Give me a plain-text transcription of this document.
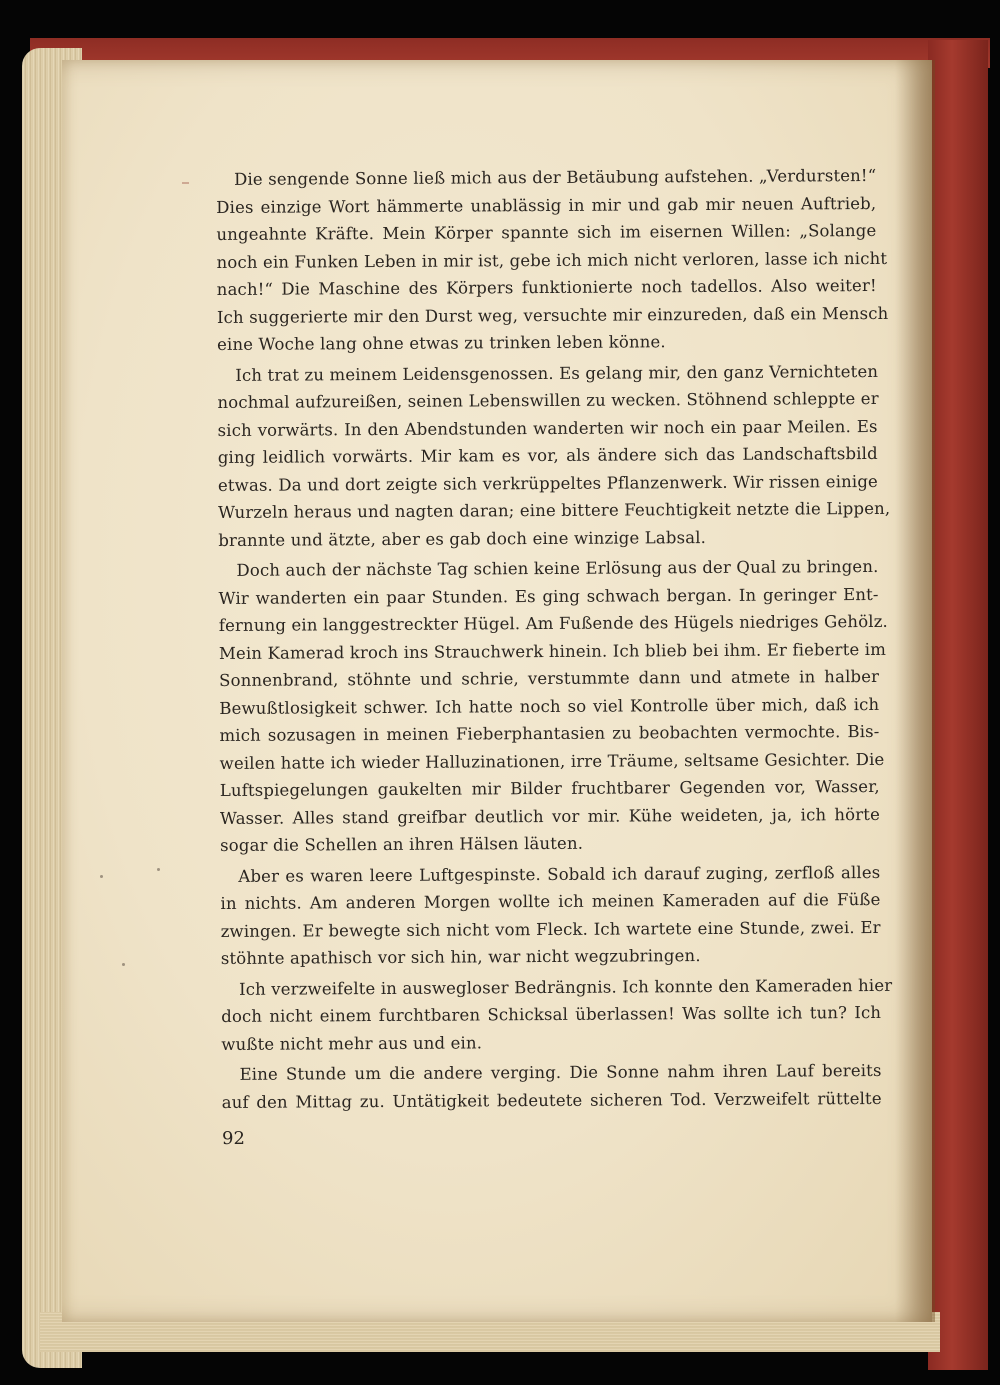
Die sengende Sonne ließ mich aus der Betäubung aufstehen. „Verdursten!“
Dies einzige Wort hämmerte unablässig in mir und gab mir neuen Auftrieb,
ungeahnte Kräfte. Mein Körper spannte sich im eisernen Willen: „Solange
noch ein Funken Leben in mir ist, gebe ich mich nicht verloren, lasse ich nicht
nach!“ Die Maschine des Körpers funktionierte noch tadellos. Also weiter!
Ich suggerierte mir den Durst weg, versuchte mir einzureden, daß ein Mensch
eine Woche lang ohne etwas zu trinken leben könne.
Ich trat zu meinem Leidensgenossen. Es gelang mir, den ganz Vernichteten
nochmal aufzureißen, seinen Lebenswillen zu wecken. Stöhnend schleppte er
sich vorwärts. In den Abendstunden wanderten wir noch ein paar Meilen. Es
ging leidlich vorwärts. Mir kam es vor, als ändere sich das Landschaftsbild
etwas. Da und dort zeigte sich verkrüppeltes Pflanzenwerk. Wir rissen einige
Wurzeln heraus und nagten daran; eine bittere Feuchtigkeit netzte die Lippen,
brannte und ätzte, aber es gab doch eine winzige Labsal.
Doch auch der nächste Tag schien keine Erlösung aus der Qual zu bringen.
Wir wanderten ein paar Stunden. Es ging schwach bergan. In geringer Ent-
fernung ein langgestreckter Hügel. Am Fußende des Hügels niedriges Gehölz.
Mein Kamerad kroch ins Strauchwerk hinein. Ich blieb bei ihm. Er fieberte im
Sonnenbrand, stöhnte und schrie, verstummte dann und atmete in halber
Bewußtlosigkeit schwer. Ich hatte noch so viel Kontrolle über mich, daß ich
mich sozusagen in meinen Fieberphantasien zu beobachten vermochte. Bis-
weilen hatte ich wieder Halluzinationen, irre Träume, seltsame Gesichter. Die
Luftspiegelungen gaukelten mir Bilder fruchtbarer Gegenden vor, Wasser,
Wasser. Alles stand greifbar deutlich vor mir. Kühe weideten, ja, ich hörte
sogar die Schellen an ihren Hälsen läuten.
Aber es waren leere Luftgespinste. Sobald ich darauf zuging, zerfloß alles
in nichts. Am anderen Morgen wollte ich meinen Kameraden auf die Füße
zwingen. Er bewegte sich nicht vom Fleck. Ich wartete eine Stunde, zwei. Er
stöhnte apathisch vor sich hin, war nicht wegzubringen.
Ich verzweifelte in auswegloser Bedrängnis. Ich konnte den Kameraden hier
doch nicht einem furchtbaren Schicksal überlassen! Was sollte ich tun? Ich
wußte nicht mehr aus und ein.
Eine Stunde um die andere verging. Die Sonne nahm ihren Lauf bereits
auf den Mittag zu. Untätigkeit bedeutete sicheren Tod. Verzweifelt rüttelte
92
